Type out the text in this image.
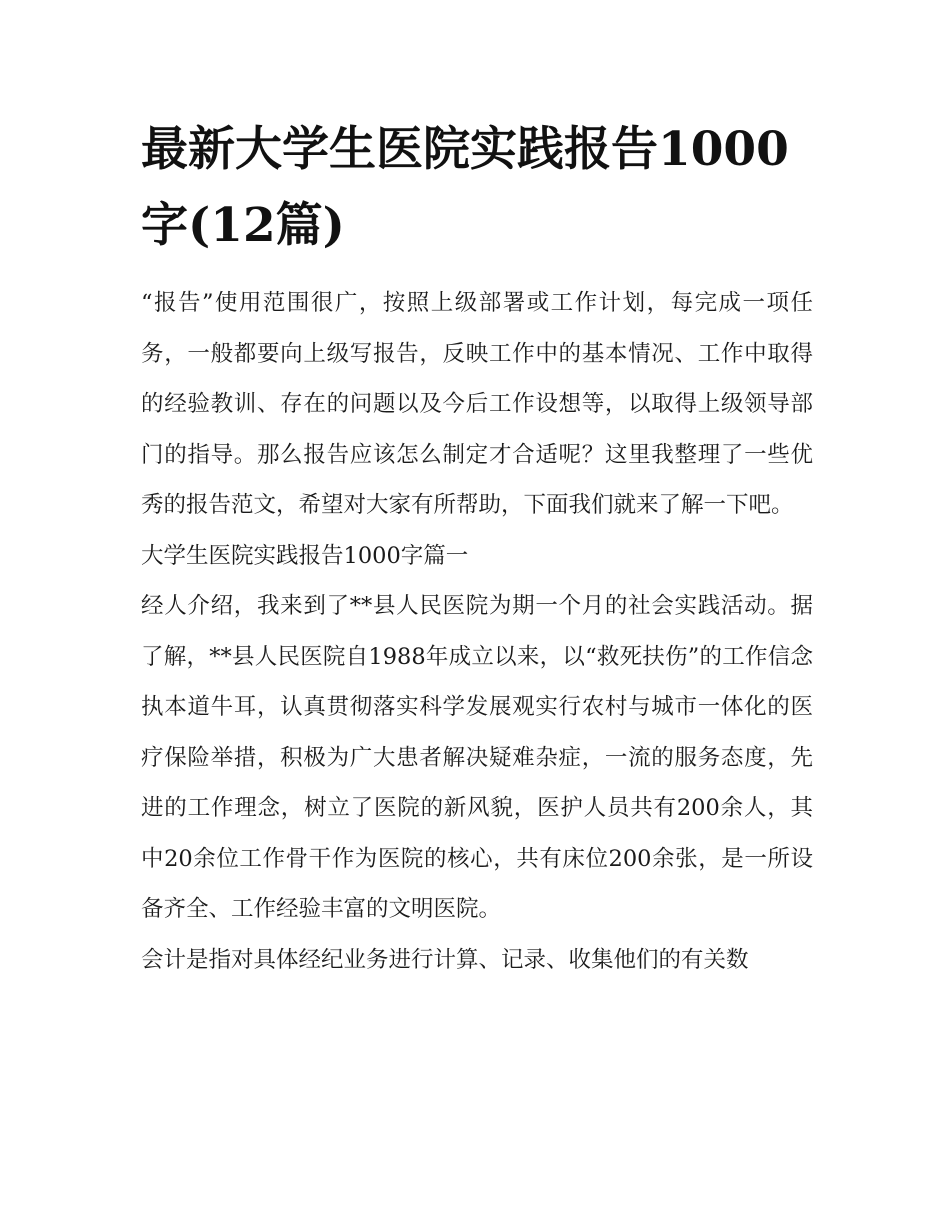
最新大学生医院实践报告1000字(12篇)

“报告”使用范围很广，按照上级部署或工作计划，每完成一项任务，一般都要向上级写报告，反映工作中的基本情况、工作中取得的经验教训、存在的问题以及今后工作设想等，以取得上级领导部门的指导。那么报告应该怎么制定才合适呢？这里我整理了一些优秀的报告范文，希望对大家有所帮助，下面我们就来了解一下吧。

大学生医院实践报告1000字篇一

经人介绍，我来到了**县人民医院为期一个月的社会实践活动。据了解，**县人民医院自1988年成立以来，以“救死扶伤”的工作信念执本道牛耳，认真贯彻落实科学发展观实行农村与城市一体化的医疗保险举措，积极为广大患者解决疑难杂症，一流的服务态度，先进的工作理念，树立了医院的新风貌，医护人员共有200余人，其中20余位工作骨干作为医院的核心，共有床位200余张，是一所设备齐全、工作经验丰富的文明医院。

会计是指对具体经纪业务进行计算、记录、收集他们的有关数
